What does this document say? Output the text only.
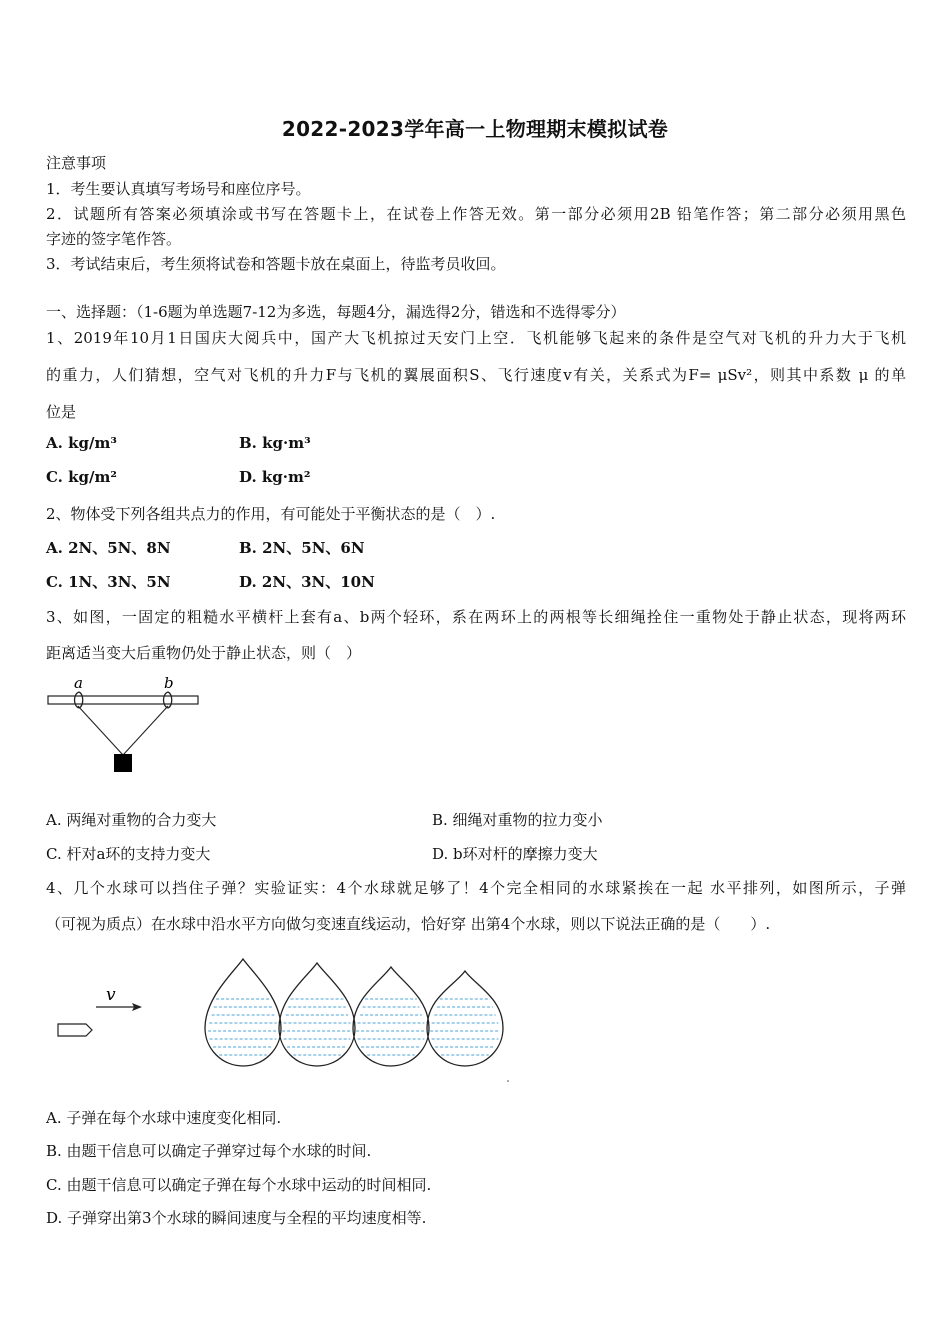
2022-2023学年高一上物理期末模拟试卷
注意事项
1．考生要认真填写考场号和座位序号。
2．试题所有答案必须填涂或书写在答题卡上，在试卷上作答无效。第一部分必须用2B 铅笔作答；第二部分必须用黑色
字迹的签字笔作答。
3．考试结束后，考生须将试卷和答题卡放在桌面上，待监考员收回。
一、选择题：（1-6题为单选题7-12为多选，每题4分，漏选得2分，错选和不选得零分）
1、2019年10月1日国庆大阅兵中，国产大飞机掠过天安门上空．飞机能够飞起来的条件是空气对飞机的升力大于飞机
的重力，人们猜想，空气对飞机的升力F与飞机的翼展面积S、飞行速度v有关，关系式为F= μSv²，则其中系数 μ 的单
位是
A. kg/m³	B. kg·m³
C. kg/m²	D. kg·m²
2、物体受下列各组共点力的作用，有可能处于平衡状态的是（　）.
A. 2N、5N、8N	B. 2N、5N、6N
C. 1N、3N、5N	D. 2N、3N、10N
3、如图，一固定的粗糙水平横杆上套有a、b两个轻环，系在两环上的两根等长细绳拴住一重物处于静止状态，现将两环
距离适当变大后重物仍处于静止状态，则（　）
a	b
A. 两绳对重物的合力变大	B. 细绳对重物的拉力变小
C. 杆对a环的支持力变大	D. b环对杆的摩擦力变大
4、几个水球可以挡住子弹？实验证实：4个水球就足够了！4个完全相同的水球紧挨在一起 水平排列，如图所示，子弹
（可视为质点）在水球中沿水平方向做匀变速直线运动，恰好穿 出第4个水球，则以下说法正确的是（　　）.
v
A. 子弹在每个水球中速度变化相同.
B. 由题干信息可以确定子弹穿过每个水球的时间.
C. 由题干信息可以确定子弹在每个水球中运动的时间相同.
D. 子弹穿出第3个水球的瞬间速度与全程的平均速度相等.
